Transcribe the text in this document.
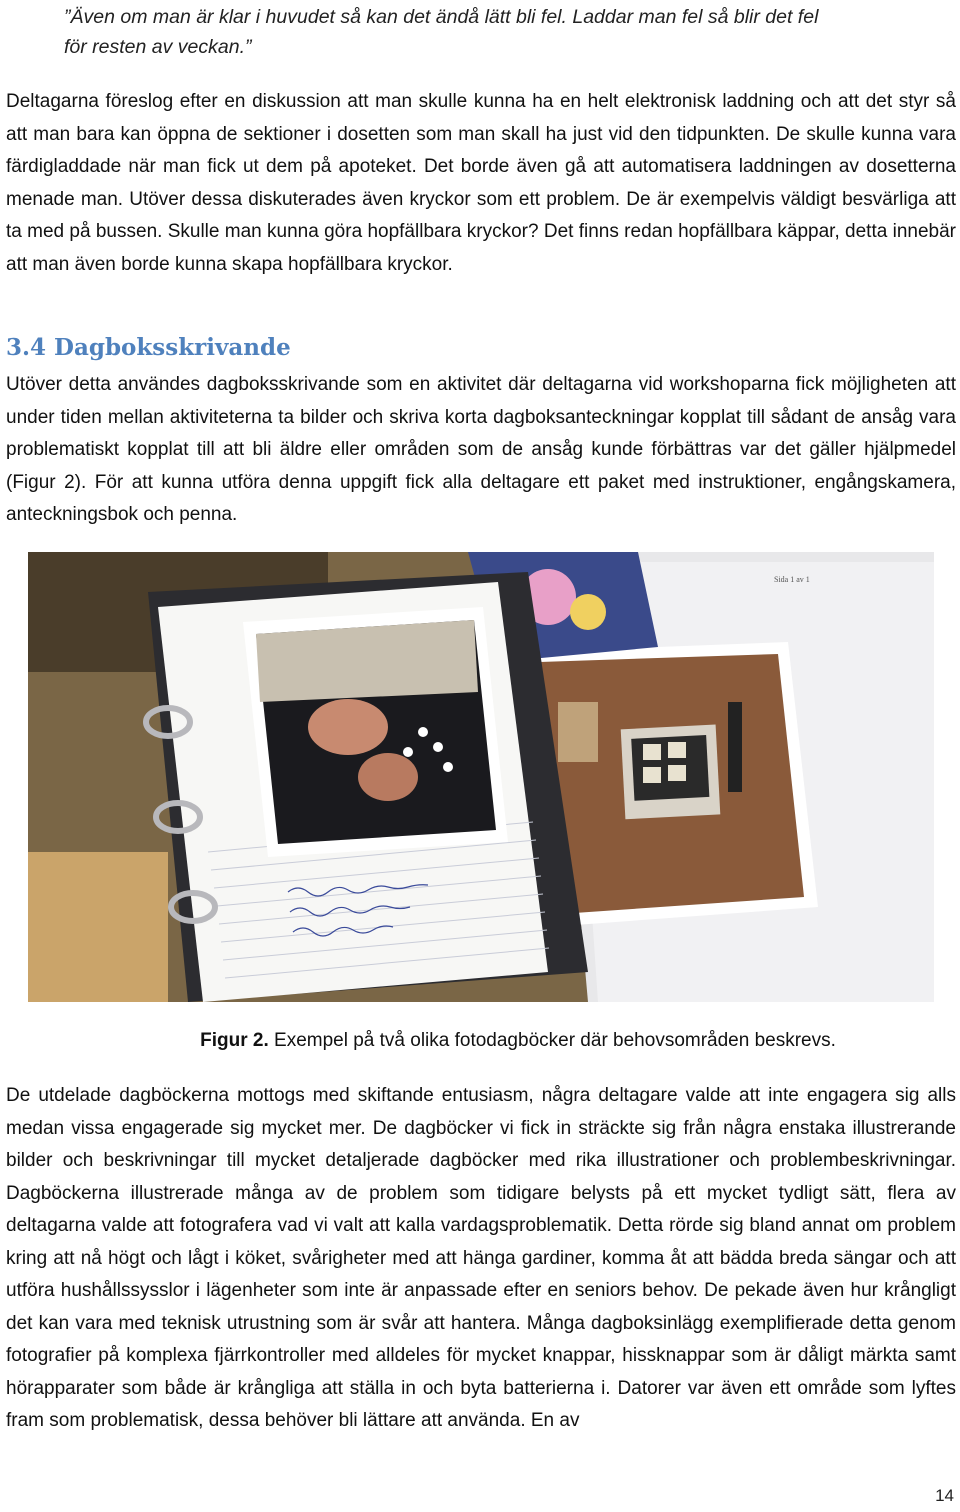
”Även om man är klar i huvudet så kan det ändå lätt bli fel. Laddar man fel så blir det fel
för resten av veckan.”
Deltagarna föreslog efter en diskussion att man skulle kunna ha en helt elektronisk laddning och att det styr så att man bara kan öppna de sektioner i dosetten som man skall ha just vid den tidpunkten. De skulle kunna vara färdigladdade när man fick ut dem på apoteket. Det borde även gå att automatisera laddningen av dosetterna menade man. Utöver dessa diskuterades även kryckor som ett problem. De är exempelvis väldigt besvärliga att ta med på bussen. Skulle man kunna göra hopfällbara kryckor? Det finns redan hopfällbara käppar, detta innebär att man även borde kunna skapa hopfällbara kryckor.
3.4 Dagboksskrivande
Utöver detta användes dagboksskrivande som en aktivitet där deltagarna vid workshoparna fick möjligheten att under tiden mellan aktiviteterna ta bilder och skriva korta dagboksanteckningar kopplat till sådant de ansåg vara problematiskt kopplat till att bli äldre eller områden som de ansåg kunde förbättras var det gäller hjälpmedel (Figur 2). För att kunna utföra denna uppgift fick alla deltagare ett paket med instruktioner, engångskamera, anteckningsbok och penna.
Sida 1 av 1
Figur 2. Exempel på två olika fotodagböcker där behovsområden beskrevs.
De utdelade dagböckerna mottogs med skiftande entusiasm, några deltagare valde att inte engagera sig alls medan vissa engagerade sig mycket mer. De dagböcker vi fick in sträckte sig från några enstaka illustrerande bilder och beskrivningar till mycket detaljerade dagböcker med rika illustrationer och problembeskrivningar. Dagböckerna illustrerade många av de problem som tidigare belysts på ett mycket tydligt sätt, flera av deltagarna valde att fotografera vad vi valt att kalla vardagsproblematik. Detta rörde sig bland annat om problem kring att nå högt och lågt i köket, svårigheter med att hänga gardiner, komma åt att bädda breda sängar och att utföra hushållssysslor i lägenheter som inte är anpassade efter en seniors behov. De pekade även hur krångligt det kan vara med teknisk utrustning som är svår att hantera. Många dagboksinlägg exemplifierade detta genom fotografier på komplexa fjärrkontroller med alldeles för mycket knappar, hissknappar som är dåligt märkta samt hörapparater som både är krångliga att ställa in och byta batterierna i. Datorer var även ett område som lyftes fram som problematisk, dessa behöver bli lättare att använda. En av
14
